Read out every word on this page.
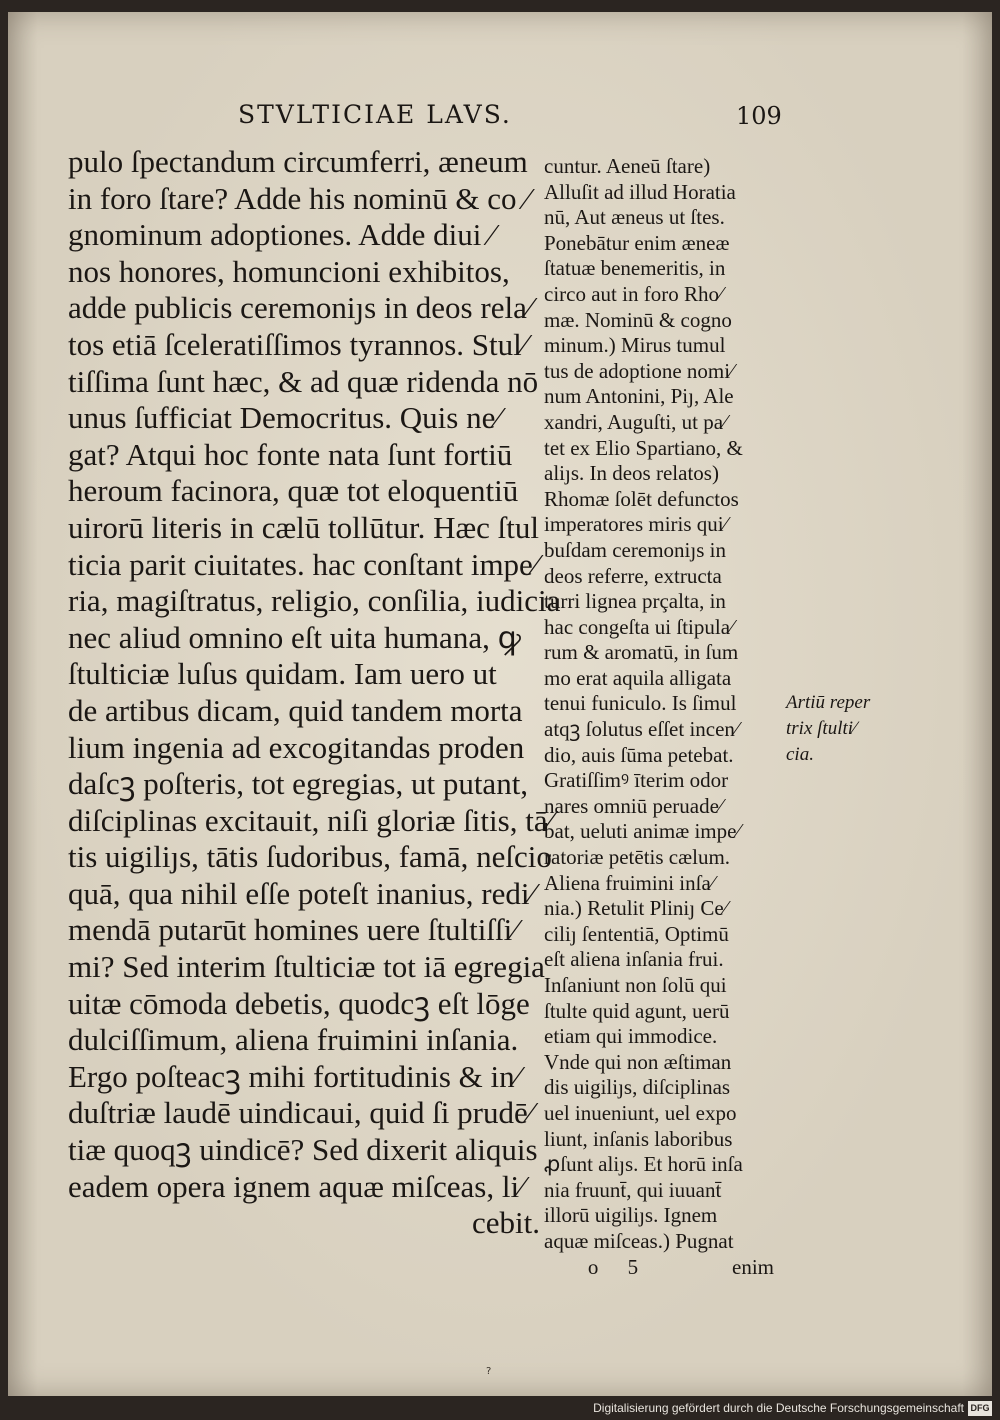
STVLTICIAE LAVS.	109
pulo ſpectandum circumferri, æneum
in foro ſtare? Adde his nominū & co ⁄
gnominum adoptiones. Adde diui ⁄
nos honores, homuncioni exhibitos,
adde publicis ceremoniȷs in deos rela⁄
tos etiā ſceleratiſſimos tyrannos. Stul⁄
tiſſima ſunt hæc, & ad quæ ridenda nō
unus ſufficiat Democritus. Quis ne⁄
gat? Atqui hoc fonte nata ſunt fortiū
heroum facinora, quæ tot eloquentiū
uirorū literis in cælū tollūtur. Hæc ſtul
ticia parit ciuitates. hac conſtant impe⁄
ria, magiſtratus, religio, conſilia, iudicia
nec aliud omnino eſt uita humana, ꝙ
ſtulticiæ luſus quidam. Iam uero ut
de artibus dicam, quid tandem morta
lium ingenia ad excogitandas proden
daſcꝫ poſteris, tot egregias, ut putant,
diſciplinas excitauit, niſi gloriæ ſitis, tā⁄
tis uigiliȷs, tātis ſudoribus, famā, neſcio
quā, qua nihil eſſe poteſt inanius, redi⁄
mendā putarūt homines uere ſtultiſſi⁄
mi? Sed interim ſtulticiæ tot iā egregia
uitæ cōmoda debetis, quodcꝫ eſt lōge
dulciſſimum, aliena fruimini inſania.
Ergo poſteacꝫ mihi fortitudinis & in⁄
duſtriæ laudē uindicaui, quid ſi prudē⁄
tiæ quoqꝫ uindicē? Sed dixerit aliquis
eadem opera ignem aquæ miſceas, li⁄
cebit.
cuntur. Aeneū ſtare)
Alluſit ad illud Horatia
nū, Aut æneus ut ſtes.
Ponebātur enim æneæ
ſtatuæ benemeritis, in
circo aut in foro Rho⁄
mæ. Nominū & cogno
minum.) Mirus tumul
tus de adoptione nomi⁄
num Antonini, Piȷ, Ale
xandri, Auguſti, ut pa⁄
tet ex Elio Spartiano, &
aliȷs. In deos relatos)
Rhomæ ſolēt defunctos
imperatores miris qui⁄
buſdam ceremoniȷs in
deos referre, extructa
turri lignea prçalta, in
hac congeſta ui ſtipula⁄
rum & aromatū, in ſum
mo erat aquila alligata
tenui funiculo. Is ſimul
atqꝫ ſolutus eſſet incen⁄
dio, auis ſūma petebat.
Gratiſſimꝰ īterim odor
nares omniū peruade⁄
bat, ueluti animæ impe⁄
ratoriæ petētis cælum.
Aliena fruimini inſa⁄
nia.) Retulit Pliniȷ Ce⁄
ciliȷ ſententiā, Optimū
eſt aliena inſania frui.
Inſaniunt non ſolū qui
ſtulte quid agunt, uerū
etiam qui immodice.
Vnde qui non æſtiman
dis uigiliȷs, diſciplinas
uel inueniunt, uel expo
liunt, inſanis laboribus
ꝓſunt aliȷs. Et horū inſa
nia fruunt̄, qui iuuant̄
illorū uigiliȷs. Ignem
aquæ miſceas.) Pugnat
o 5	enim
Artiū reper
trix ſtulti⁄
cia.
?
Digitalisierung gefördert durch die Deutsche Forschungsgemeinschaft DFG
